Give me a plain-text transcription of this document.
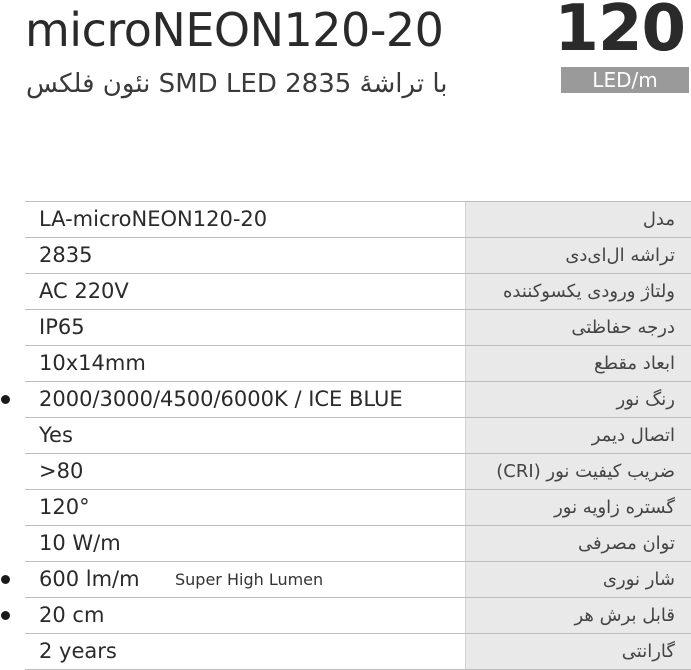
microNEON120-20
نئون فلکس SMD LED با تراشهٔ 2835
120
LED/m
LA-microNEON120-20	مدل
2835	تراشه ال‌ای‌دی
AC 220V	ولتاژ ورودی یکسوکننده
IP65	درجه حفاظتی
10x14mm	ابعاد مقطع
2000/3000/4500/6000K / ICE BLUE	رنگ نور
Yes	اتصال دیمر
>80	ضریب کیفیت نور (CRI)
120°	گستره زاویه نور
10 W/m	توان مصرفی
600 lm/m Super High Lumen	شار نوری
20 cm	قابل برش هر
2 years	گارانتی
